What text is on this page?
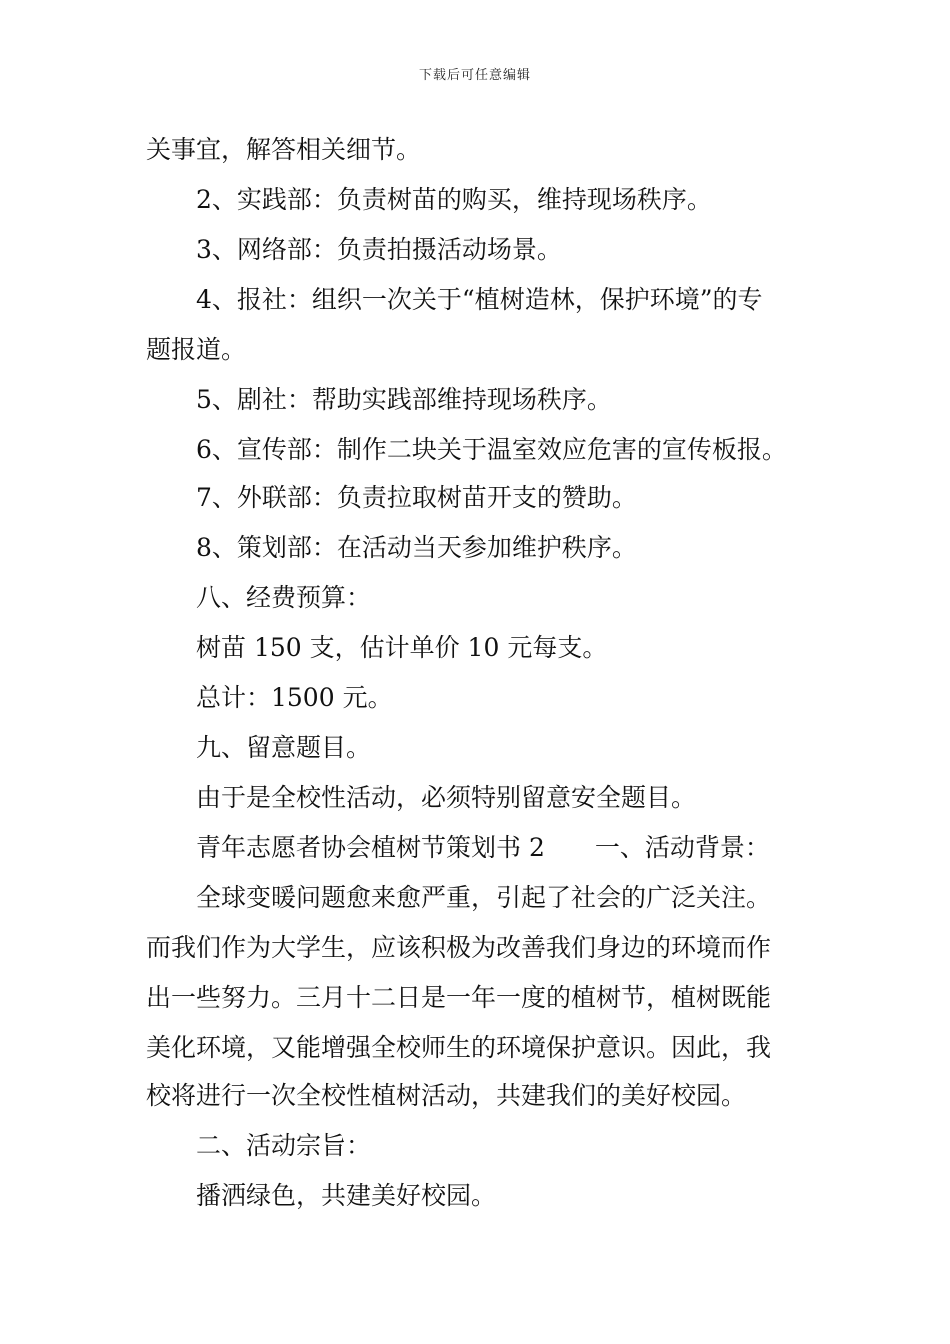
下载后可任意编辑
关事宜，解答相关细节。
2、实践部：负责树苗的购买，维持现场秩序。
3、网络部：负责拍摄活动场景。
4、报社：组织一次关于“植树造林，保护环境”的专
题报道。
5、剧社：帮助实践部维持现场秩序。
6、宣传部：制作二块关于温室效应危害的宣传板报。
7、外联部：负责拉取树苗开支的赞助。
8、策划部：在活动当天参加维护秩序。
八、经费预算：
树苗 150 支，估计单价 10 元每支。
总计：1500 元。
九、留意题目。
由于是全校性活动，必须特别留意安全题目。
青年志愿者协会植树节策划书 2　　一、活动背景：
全球变暖问题愈来愈严重，引起了社会的广泛关注。
而我们作为大学生，应该积极为改善我们身边的环境而作
出一些努力。三月十二日是一年一度的植树节，植树既能
美化环境，又能增强全校师生的环境保护意识。因此，我
校将进行一次全校性植树活动，共建我们的美好校园。
二、活动宗旨：
播洒绿色，共建美好校园。
